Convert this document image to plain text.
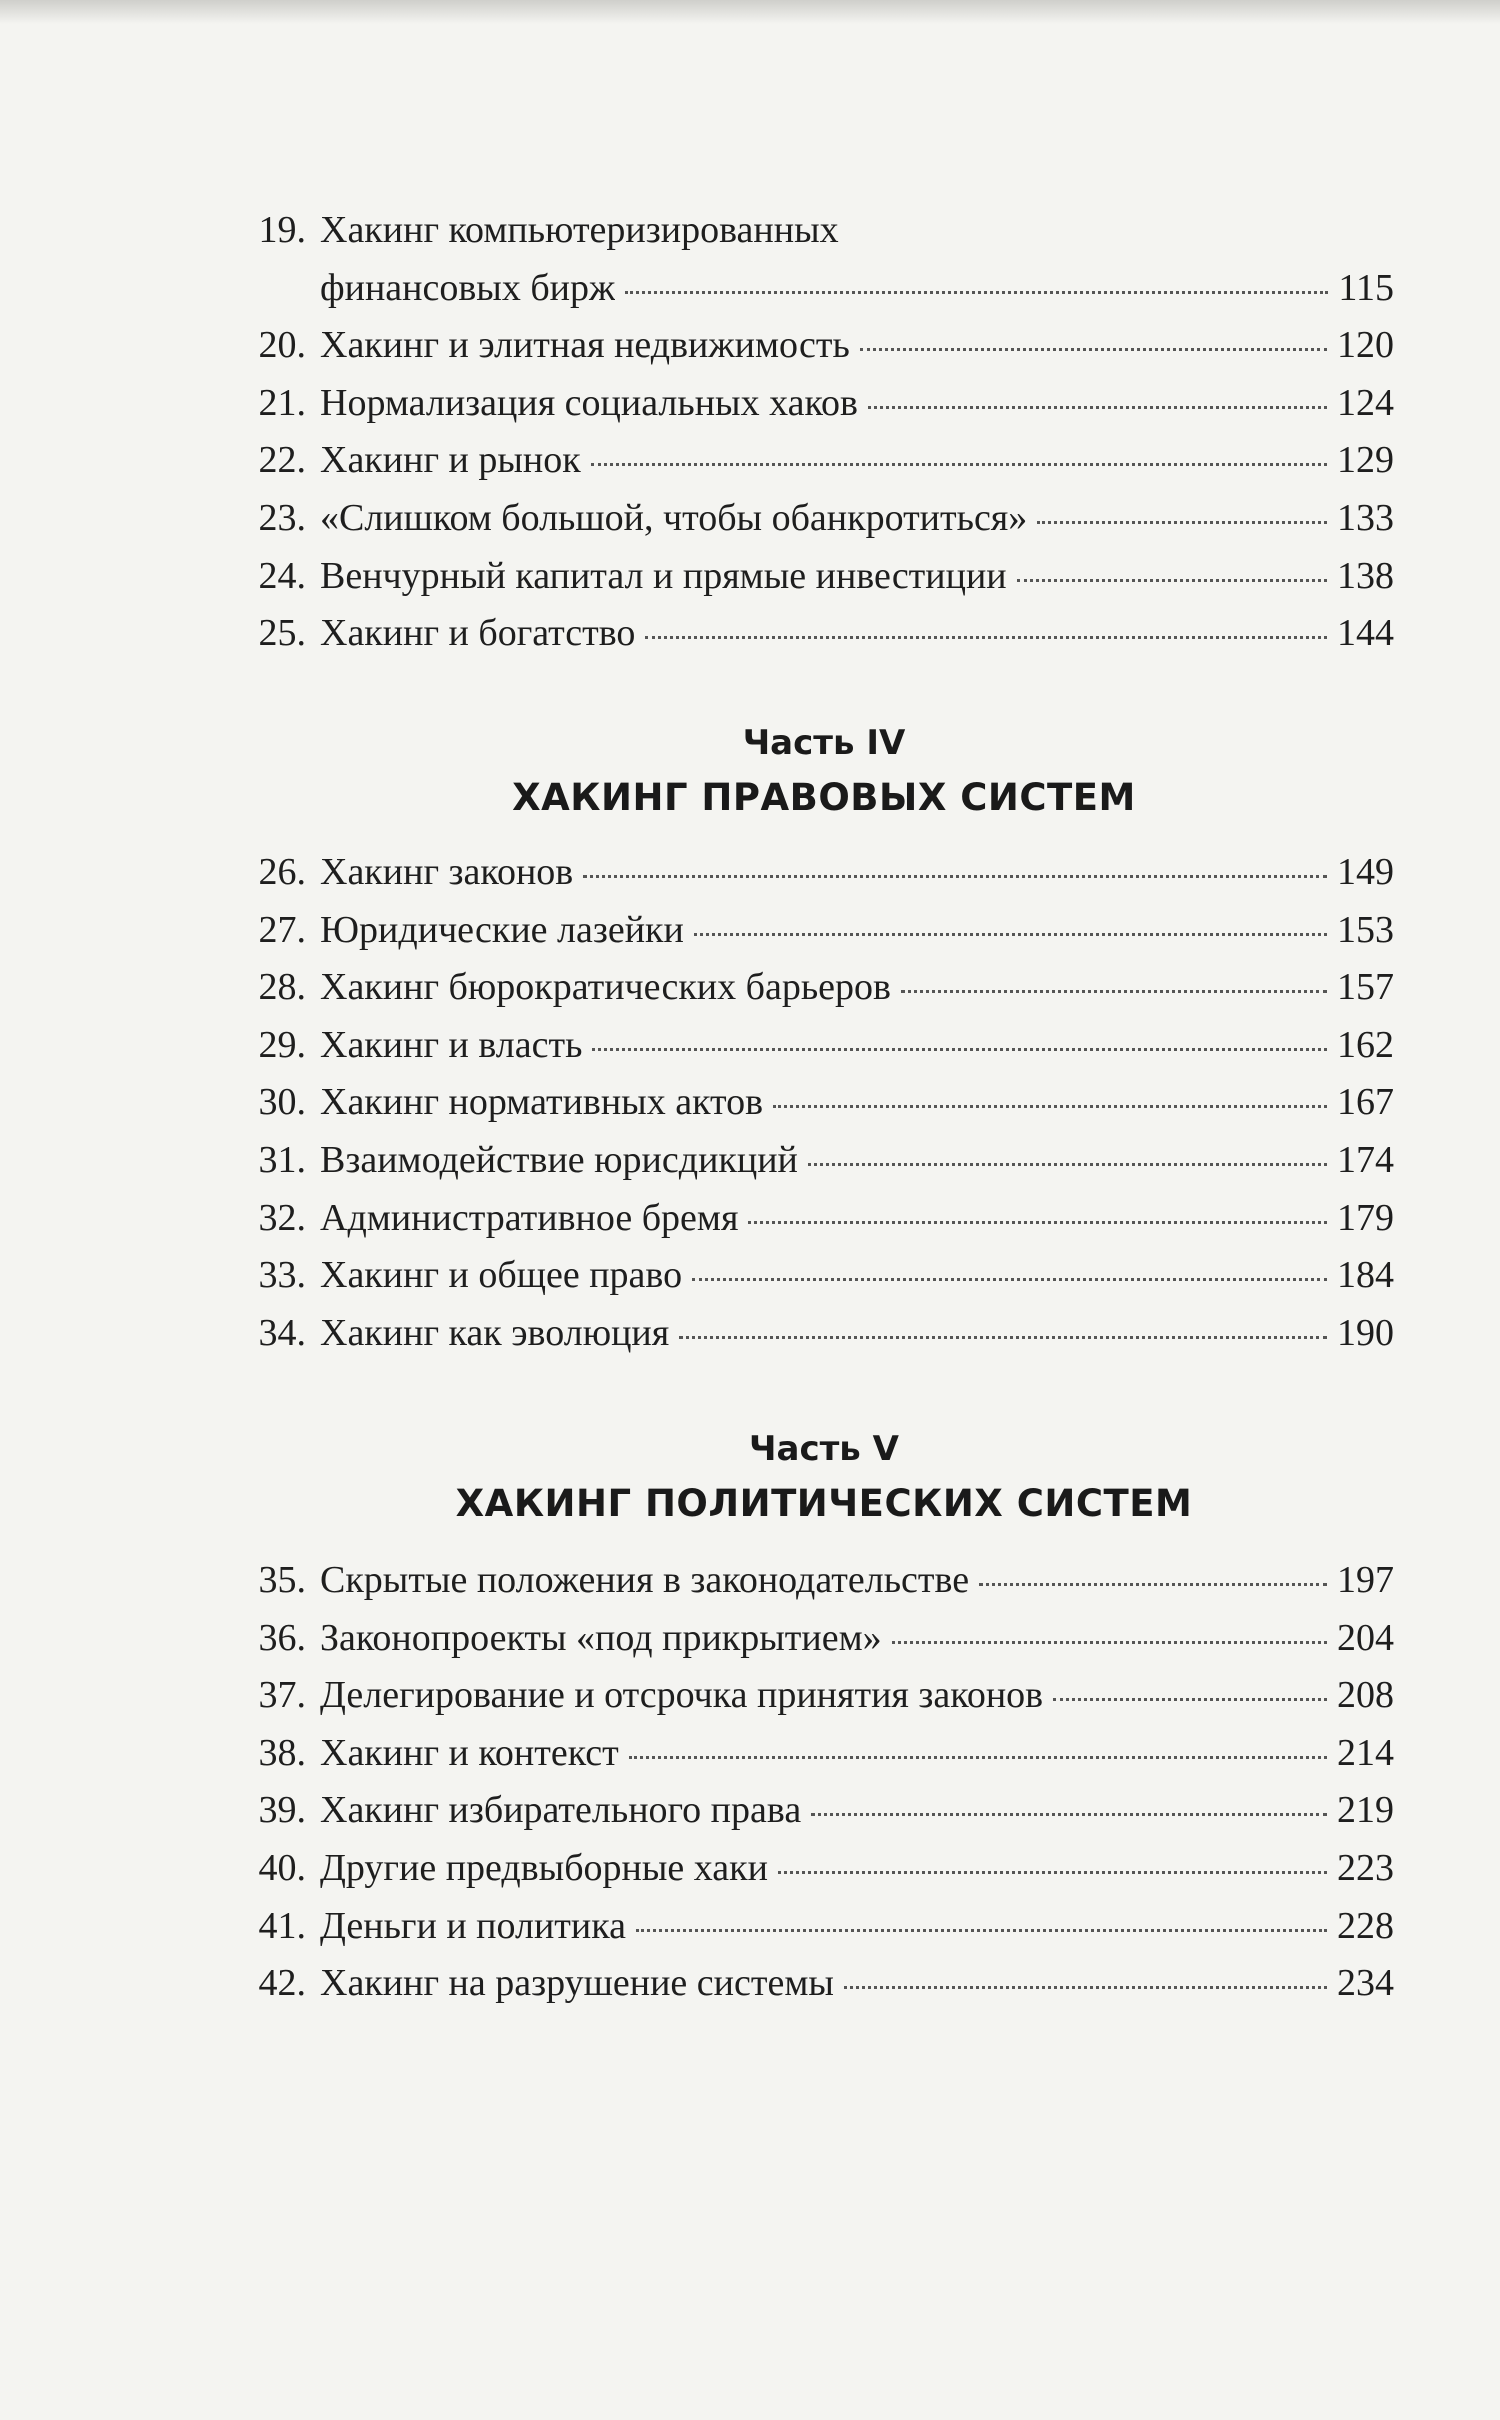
19. Хакинг компьютеризированных
финансовых бирж	115
20. Хакинг и элитная недвижимость	120
21. Нормализация социальных хаков	124
22. Хакинг и рынок	129
23. «Слишком большой, чтобы обанкротиться»	133
24. Венчурный капитал и прямые инвестиции	138
25. Хакинг и богатство	144
Часть IV
ХАКИНГ ПРАВОВЫХ СИСТЕМ
26. Хакинг законов	149
27. Юридические лазейки	153
28. Хакинг бюрократических барьеров	157
29. Хакинг и власть	162
30. Хакинг нормативных актов	167
31. Взаимодействие юрисдикций	174
32. Административное бремя	179
33. Хакинг и общее право	184
34. Хакинг как эволюция	190
Часть V
ХАКИНГ ПОЛИТИЧЕСКИХ СИСТЕМ
35. Скрытые положения в законодательстве	197
36. Законопроекты «под прикрытием»	204
37. Делегирование и отсрочка принятия законов	208
38. Хакинг и контекст	214
39. Хакинг избирательного права	219
40. Другие предвыборные хаки	223
41. Деньги и политика	228
42. Хакинг на разрушение системы	234
